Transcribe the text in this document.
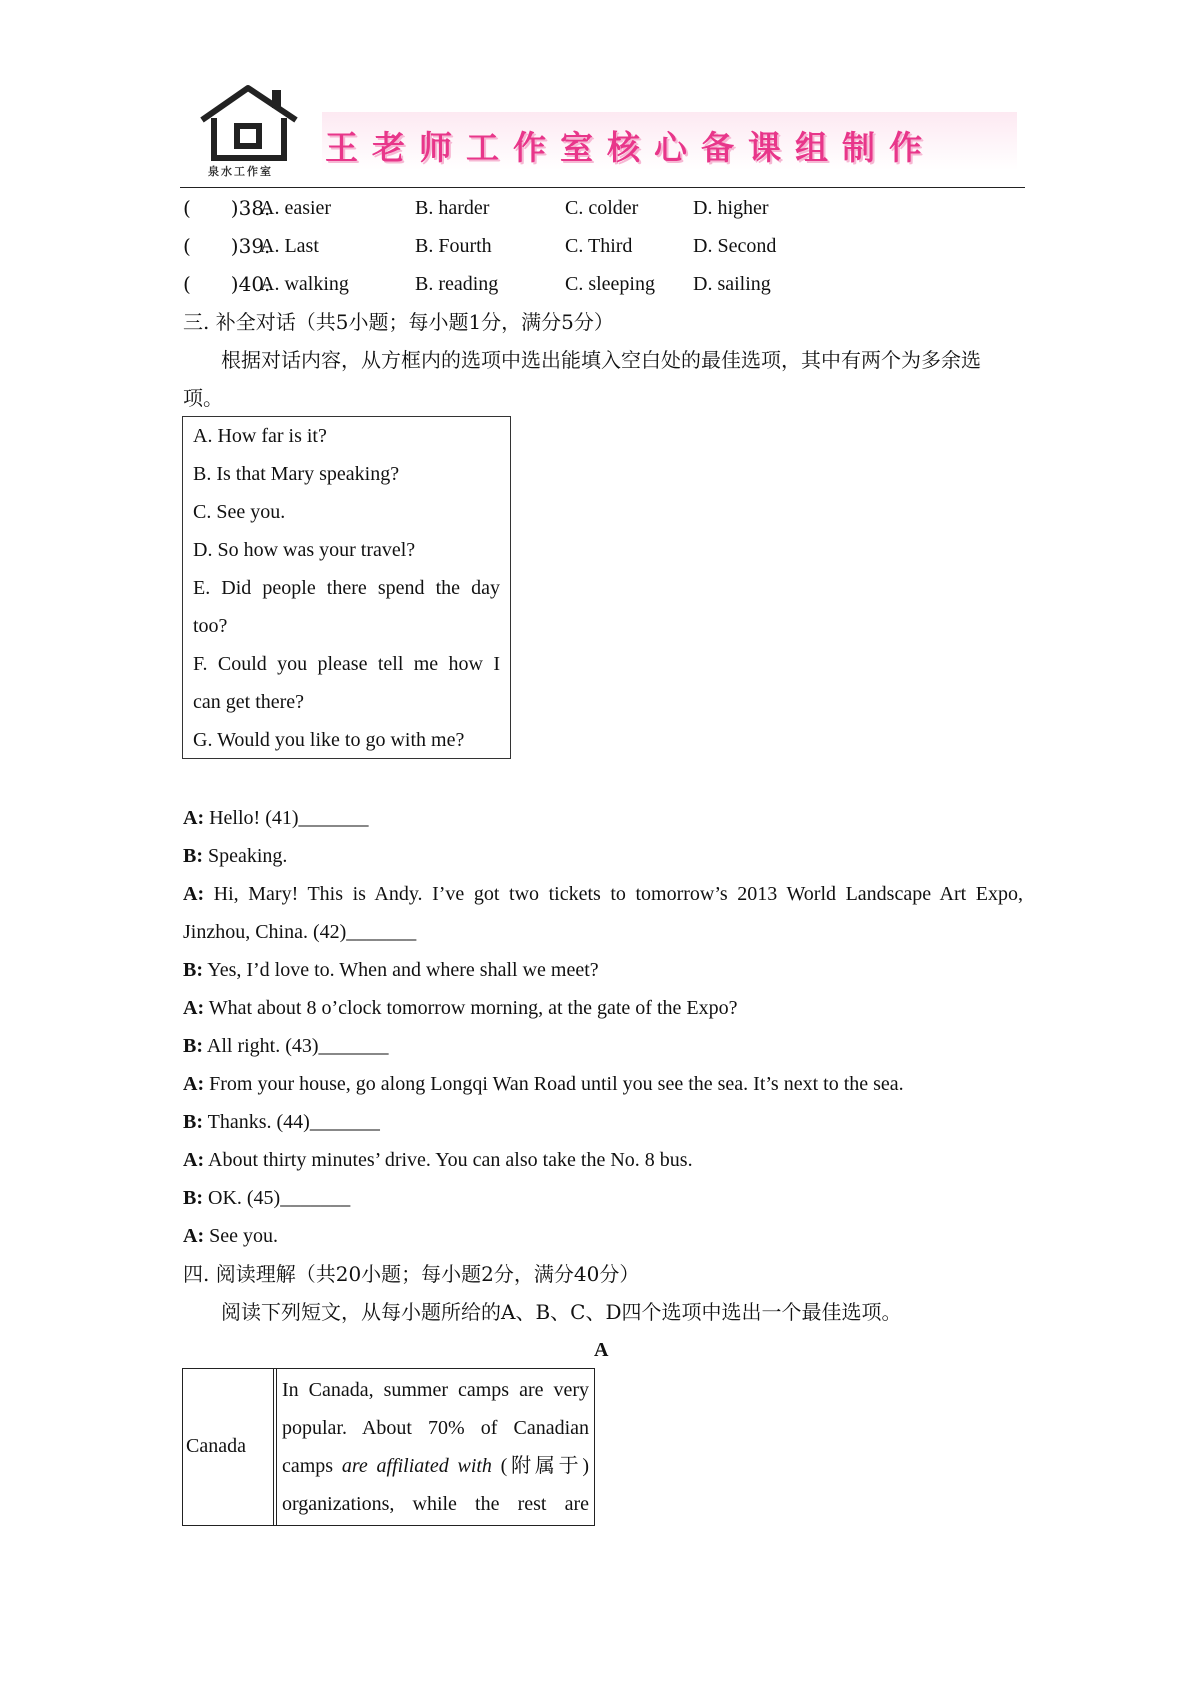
泉水工作室
王老师工作室核心备课组制作
(　　)38.
A. easier	B. harder	C. colder	D. higher
(　　)39.
A. Last	B. Fourth	C. Third	D. Second
(　　)40.
A. walking	B. reading	C. sleeping D. sailing
三. 补全对话（共5小题；每小题1分，满分5分）
根据对话内容，从方框内的选项中选出能填入空白处的最佳选项，其中有两个为多余选
项。
A. How far is it?
B. Is that Mary speaking?
C. See you.
D. So how was your travel?
E. Did people there spend the day
too?
F. Could you please tell me how I
can get there?
G. Would you like to go with me?
A: Hello! (41)_______
B: Speaking.
A: Hi, Mary! This is Andy. I’ve got two tickets to tomorrow’s 2013 World Landscape Art Expo,
Jinzhou, China. (42)_______
B: Yes, I’d love to. When and where shall we meet?
A: What about 8 o’clock tomorrow morning, at the gate of the Expo?
B: All right. (43)_______
A: From your house, go along Longqi Wan Road until you see the sea. It’s next to the sea.
B: Thanks. (44)_______
A: About thirty minutes’ drive. You can also take the No. 8 bus.
B: OK. (45)_______
A: See you.
四. 阅读理解（共20小题；每小题2分，满分40分）
阅读下列短文，从每小题所给的A、B、C、D四个选项中选出一个最佳选项。
A
Canada
In Canada, summer camps are very
popular. About 70% of Canadian
camps are affiliated with (附属于)
organizations, while the rest are
